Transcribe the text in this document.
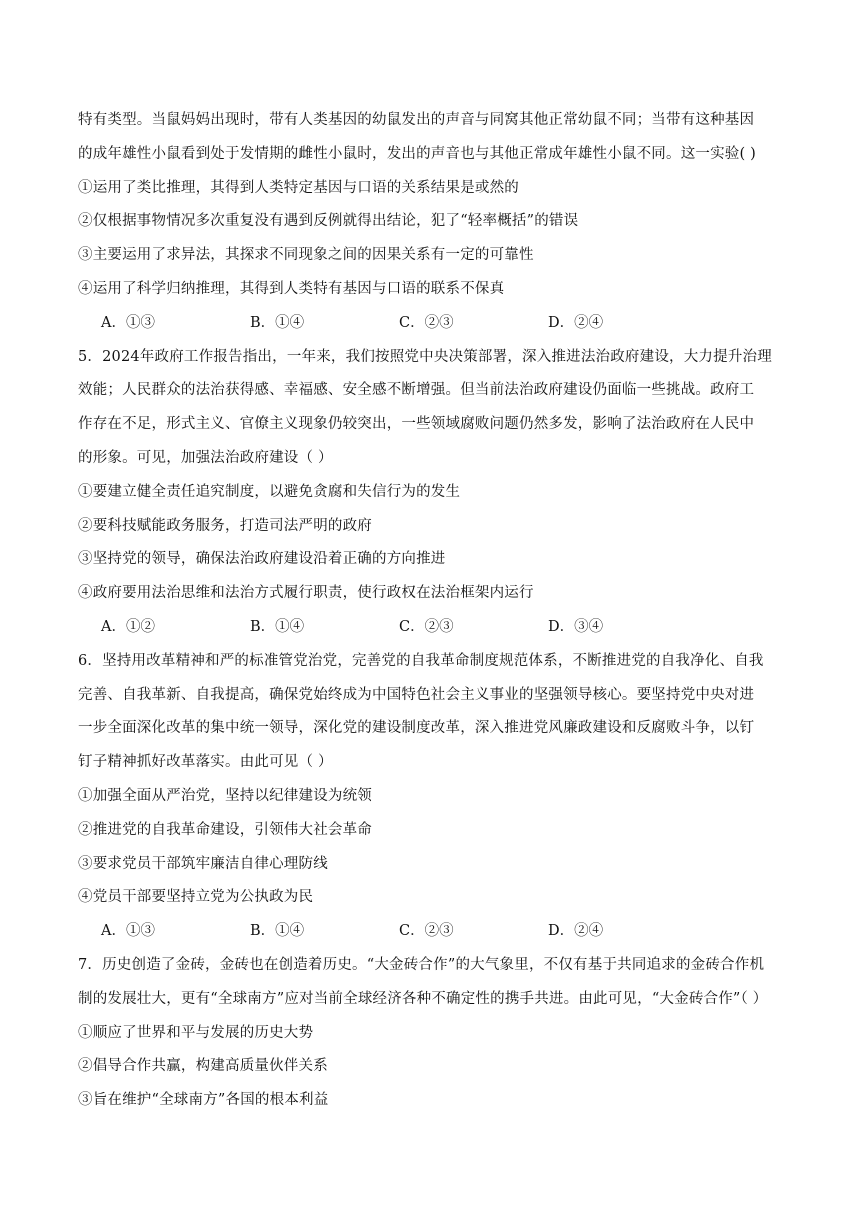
特有类型。当鼠妈妈出现时，带有人类基因的幼鼠发出的声音与同窝其他正常幼鼠不同；当带有这种基因
的成年雄性小鼠看到处于发情期的雌性小鼠时，发出的声音也与其他正常成年雄性小鼠不同。这一实验( )
①运用了类比推理，其得到人类特定基因与口语的关系结果是或然的
②仅根据事物情况多次重复没有遇到反例就得出结论，犯了“轻率概括”的错误
③主要运用了求异法，其探求不同现象之间的因果关系有一定的可靠性
④运用了科学归纳推理，其得到人类特有基因与口语的联系不保真
A．①③	B．①④	C．②③	D．②④
5．2024年政府工作报告指出，一年来，我们按照党中央决策部署，深入推进法治政府建设，大力提升治理
效能；人民群众的法治获得感、幸福感、安全感不断增强。但当前法治政府建设仍面临一些挑战。政府工
作存在不足，形式主义、官僚主义现象仍较突出，一些领域腐败问题仍然多发，影响了法治政府在人民中
的形象。可见，加强法治政府建设（ ）
①要建立健全责任追究制度，以避免贪腐和失信行为的发生
②要科技赋能政务服务，打造司法严明的政府
③坚持党的领导，确保法治政府建设沿着正确的方向推进
④政府要用法治思维和法治方式履行职责，使行政权在法治框架内运行
A．①②	B．①④	C．②③	D．③④
6．坚持用改革精神和严的标准管党治党，完善党的自我革命制度规范体系，不断推进党的自我净化、自我
完善、自我革新、自我提高，确保党始终成为中国特色社会主义事业的坚强领导核心。要坚持党中央对进
一步全面深化改革的集中统一领导，深化党的建设制度改革，深入推进党风廉政建设和反腐败斗争，以钉
钉子精神抓好改革落实。由此可见（ ）
①加强全面从严治党，坚持以纪律建设为统领
②推进党的自我革命建设，引领伟大社会革命
③要求党员干部筑牢廉洁自律心理防线
④党员干部要坚持立党为公执政为民
A．①③	B．①④	C．②③	D．②④
7．历史创造了金砖，金砖也在创造着历史。“大金砖合作”的大气象里，不仅有基于共同追求的金砖合作机
制的发展壮大，更有“全球南方”应对当前全球经济各种不确定性的携手共进。由此可见，“大金砖合作”（ ）
①顺应了世界和平与发展的历史大势
②倡导合作共赢，构建高质量伙伴关系
③旨在维护“全球南方”各国的根本利益
